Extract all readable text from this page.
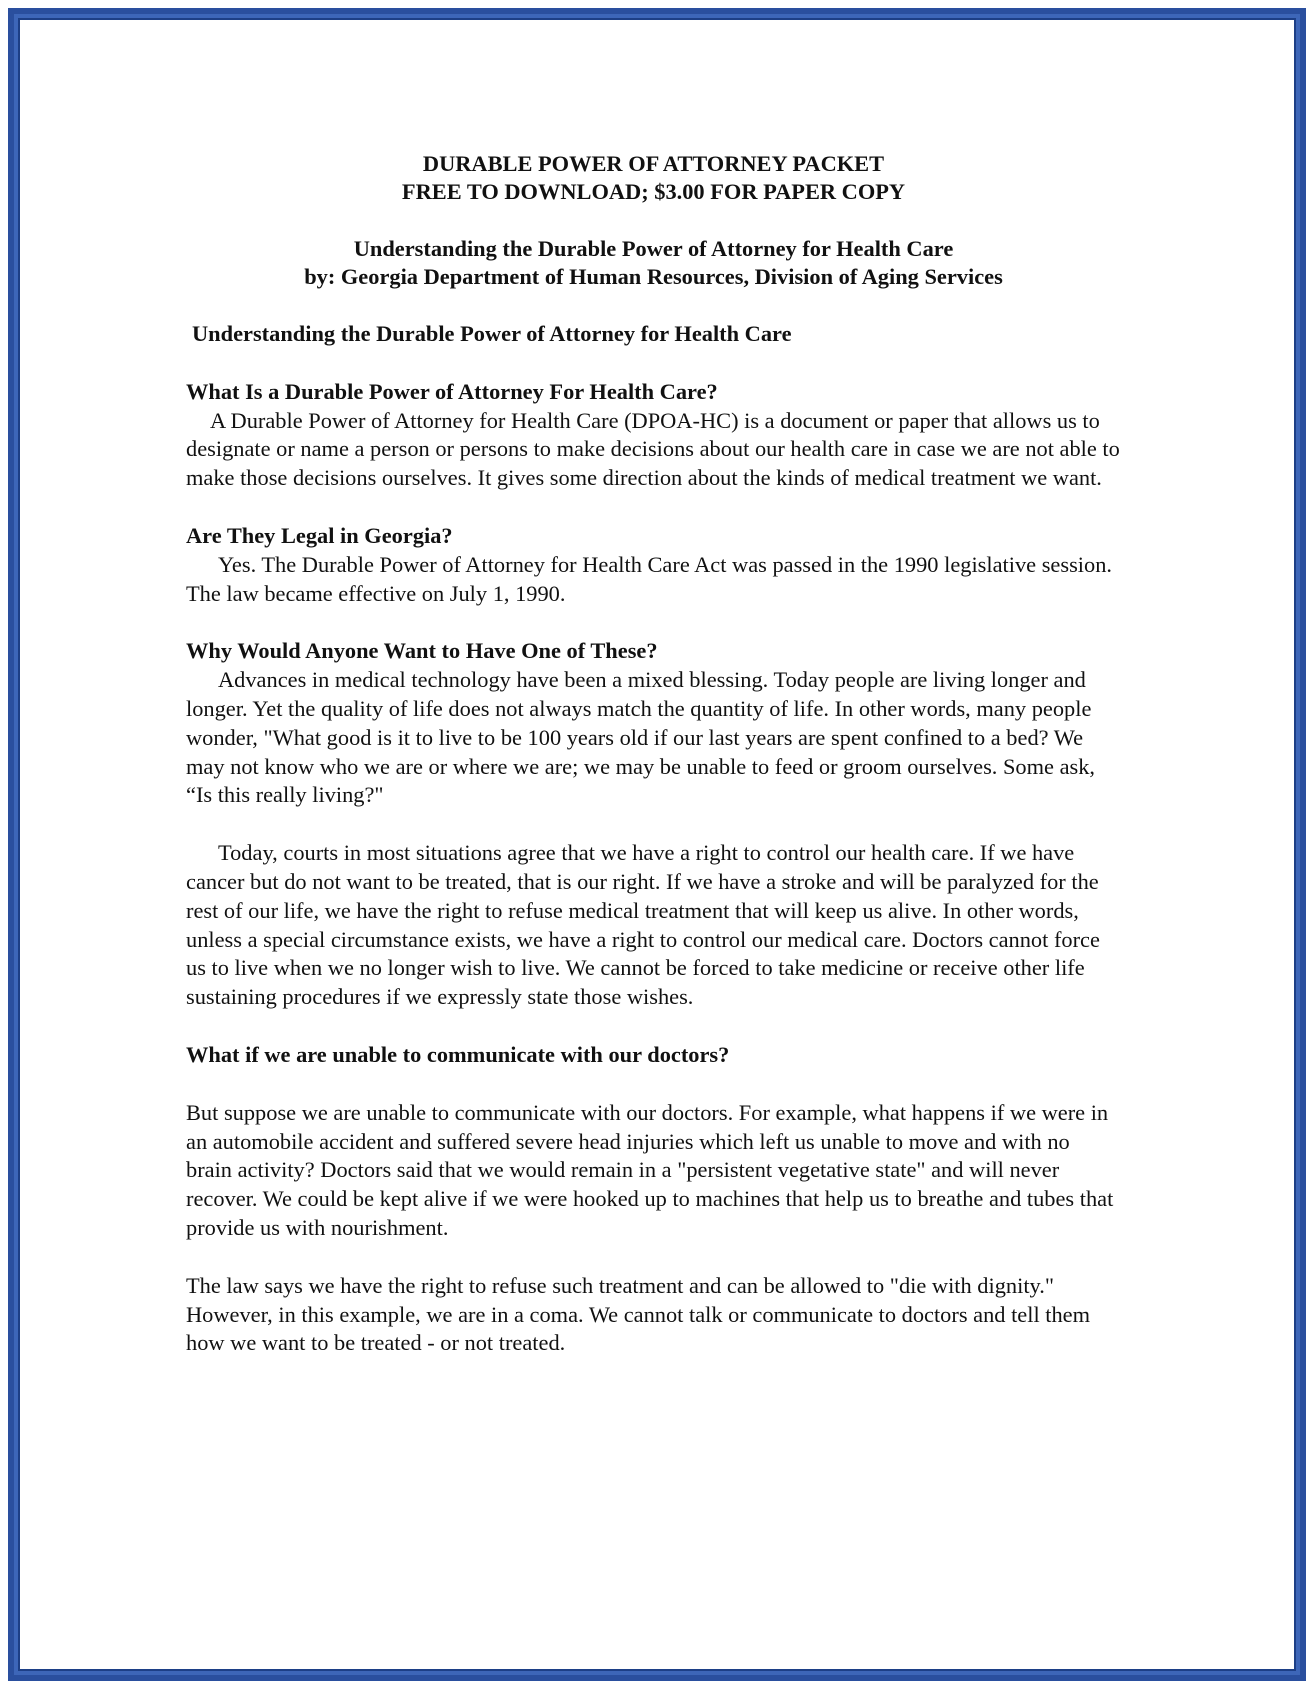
DURABLE POWER OF ATTORNEY PACKET

FREE TO DOWNLOAD; $3.00 FOR PAPER COPY

Understanding the Durable Power of Attorney for Health Care

by: Georgia Department of Human Resources, Division of Aging Services

Understanding the Durable Power of Attorney for Health Care

What Is a Durable Power of Attorney For Health Care?

A Durable Power of Attorney for Health Care (DPOA-HC) is a document or paper that allows us to designate or name a person or persons to make decisions about our health care in case we are not able to make those decisions ourselves. It gives some direction about the kinds of medical treatment we want.

Are They Legal in Georgia?

Yes. The Durable Power of Attorney for Health Care Act was passed in the 1990 legislative session. The law became effective on July 1, 1990.

Why Would Anyone Want to Have One of These?

Advances in medical technology have been a mixed blessing. Today people are living longer and longer. Yet the quality of life does not always match the quantity of life. In other words, many people wonder, "What good is it to live to be 100 years old if our last years are spent confined to a bed? We may not know who we are or where we are; we may be unable to feed or groom ourselves. Some ask, “Is this really living?"

Today, courts in most situations agree that we have a right to control our health care. If we have cancer but do not want to be treated, that is our right. If we have a stroke and will be paralyzed for the rest of our life, we have the right to refuse medical treatment that will keep us alive. In other words, unless a special circumstance exists, we have a right to control our medical care. Doctors cannot force us to live when we no longer wish to live. We cannot be forced to take medicine or receive other life sustaining procedures if we expressly state those wishes.

What if we are unable to communicate with our doctors?

But suppose we are unable to communicate with our doctors. For example, what happens if we were in an automobile accident and suffered severe head injuries which left us unable to move and with no brain activity? Doctors said that we would remain in a "persistent vegetative state" and will never recover. We could be kept alive if we were hooked up to machines that help us to breathe and tubes that provide us with nourishment.

The law says we have the right to refuse such treatment and can be allowed to "die with dignity." However, in this example, we are in a coma. We cannot talk or communicate to doctors and tell them how we want to be treated - or not treated.
